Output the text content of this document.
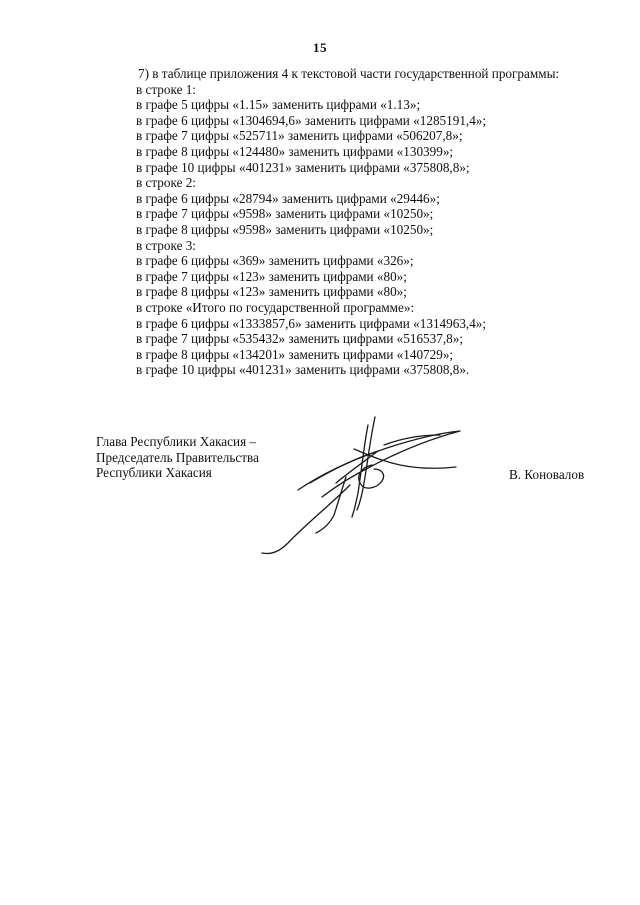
15
7) в таблице приложения 4 к текстовой части государственной программы:
в строке 1:
в графе 5 цифры «1.15» заменить цифрами «1.13»;
в графе 6 цифры «1304694,6» заменить цифрами «1285191,4»;
в графе 7 цифры «525711» заменить цифрами «506207,8»;
в графе 8 цифры «124480» заменить цифрами «130399»;
в графе 10 цифры «401231» заменить цифрами «375808,8»;
в строке 2:
в графе 6 цифры «28794» заменить цифрами «29446»;
в графе 7 цифры «9598» заменить цифрами «10250»;
в графе 8 цифры «9598» заменить цифрами «10250»;
в строке 3:
в графе 6 цифры «369» заменить цифрами «326»;
в графе 7 цифры «123» заменить цифрами «80»;
в графе 8 цифры «123» заменить цифрами «80»;
в строке «Итого по государственной программе»:
в графе 6 цифры «1333857,6» заменить цифрами «1314963,4»;
в графе 7 цифры «535432» заменить цифрами «516537,8»;
в графе 8 цифры «134201» заменить цифрами «140729»;
в графе 10 цифры «401231» заменить цифрами «375808,8».
Глава Республики Хакасия –
Председатель Правительства
Республики Хакасия	В. Коновалов
